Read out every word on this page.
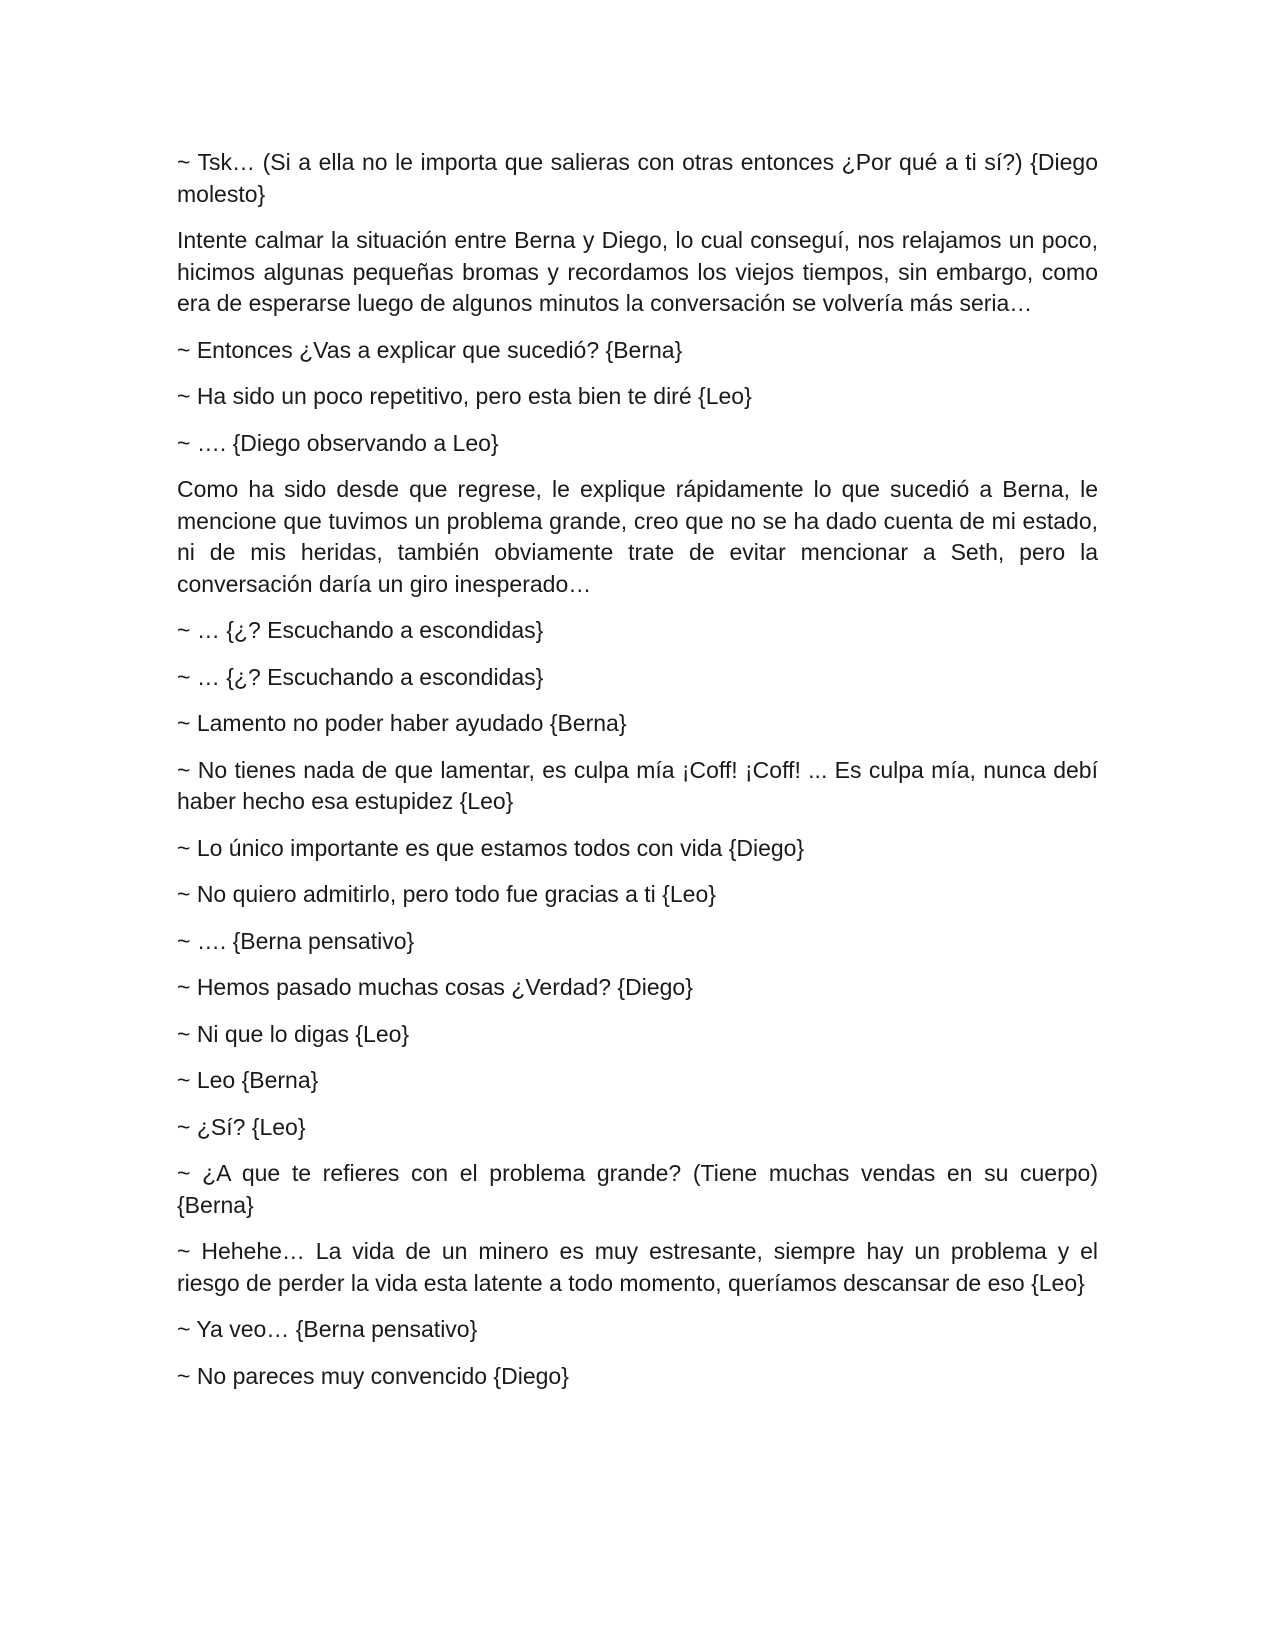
~ Tsk… (Si a ella no le importa que salieras con otras entonces ¿Por qué a ti sí?) {Diego molesto}

Intente calmar la situación entre Berna y Diego, lo cual conseguí, nos relajamos un poco, hicimos algunas pequeñas bromas y recordamos los viejos tiempos, sin embargo, como era de esperarse luego de algunos minutos la conversación se volvería más seria…

~ Entonces ¿Vas a explicar que sucedió? {Berna}

~ Ha sido un poco repetitivo, pero esta bien te diré {Leo}

~ …. {Diego observando a Leo}

Como ha sido desde que regrese, le explique rápidamente lo que sucedió a Berna, le mencione que tuvimos un problema grande, creo que no se ha dado cuenta de mi estado, ni de mis heridas, también obviamente trate de evitar mencionar a Seth, pero la conversación daría un giro inesperado…

~ … {¿? Escuchando a escondidas}

~ … {¿? Escuchando a escondidas}

~ Lamento no poder haber ayudado {Berna}

~ No tienes nada de que lamentar, es culpa mía ¡Coff! ¡Coff! ... Es culpa mía, nunca debí haber hecho esa estupidez {Leo}

~ Lo único importante es que estamos todos con vida {Diego}

~ No quiero admitirlo, pero todo fue gracias a ti {Leo}

~ …. {Berna pensativo}

~ Hemos pasado muchas cosas ¿Verdad? {Diego}

~ Ni que lo digas {Leo}

~ Leo {Berna}

~ ¿Sí? {Leo}

~ ¿A que te refieres con el problema grande? (Tiene muchas vendas en su cuerpo) {Berna}

~ Hehehe… La vida de un minero es muy estresante, siempre hay un problema y el riesgo de perder la vida esta latente a todo momento, queríamos descansar de eso {Leo}

~ Ya veo… {Berna pensativo}

~ No pareces muy convencido {Diego}
